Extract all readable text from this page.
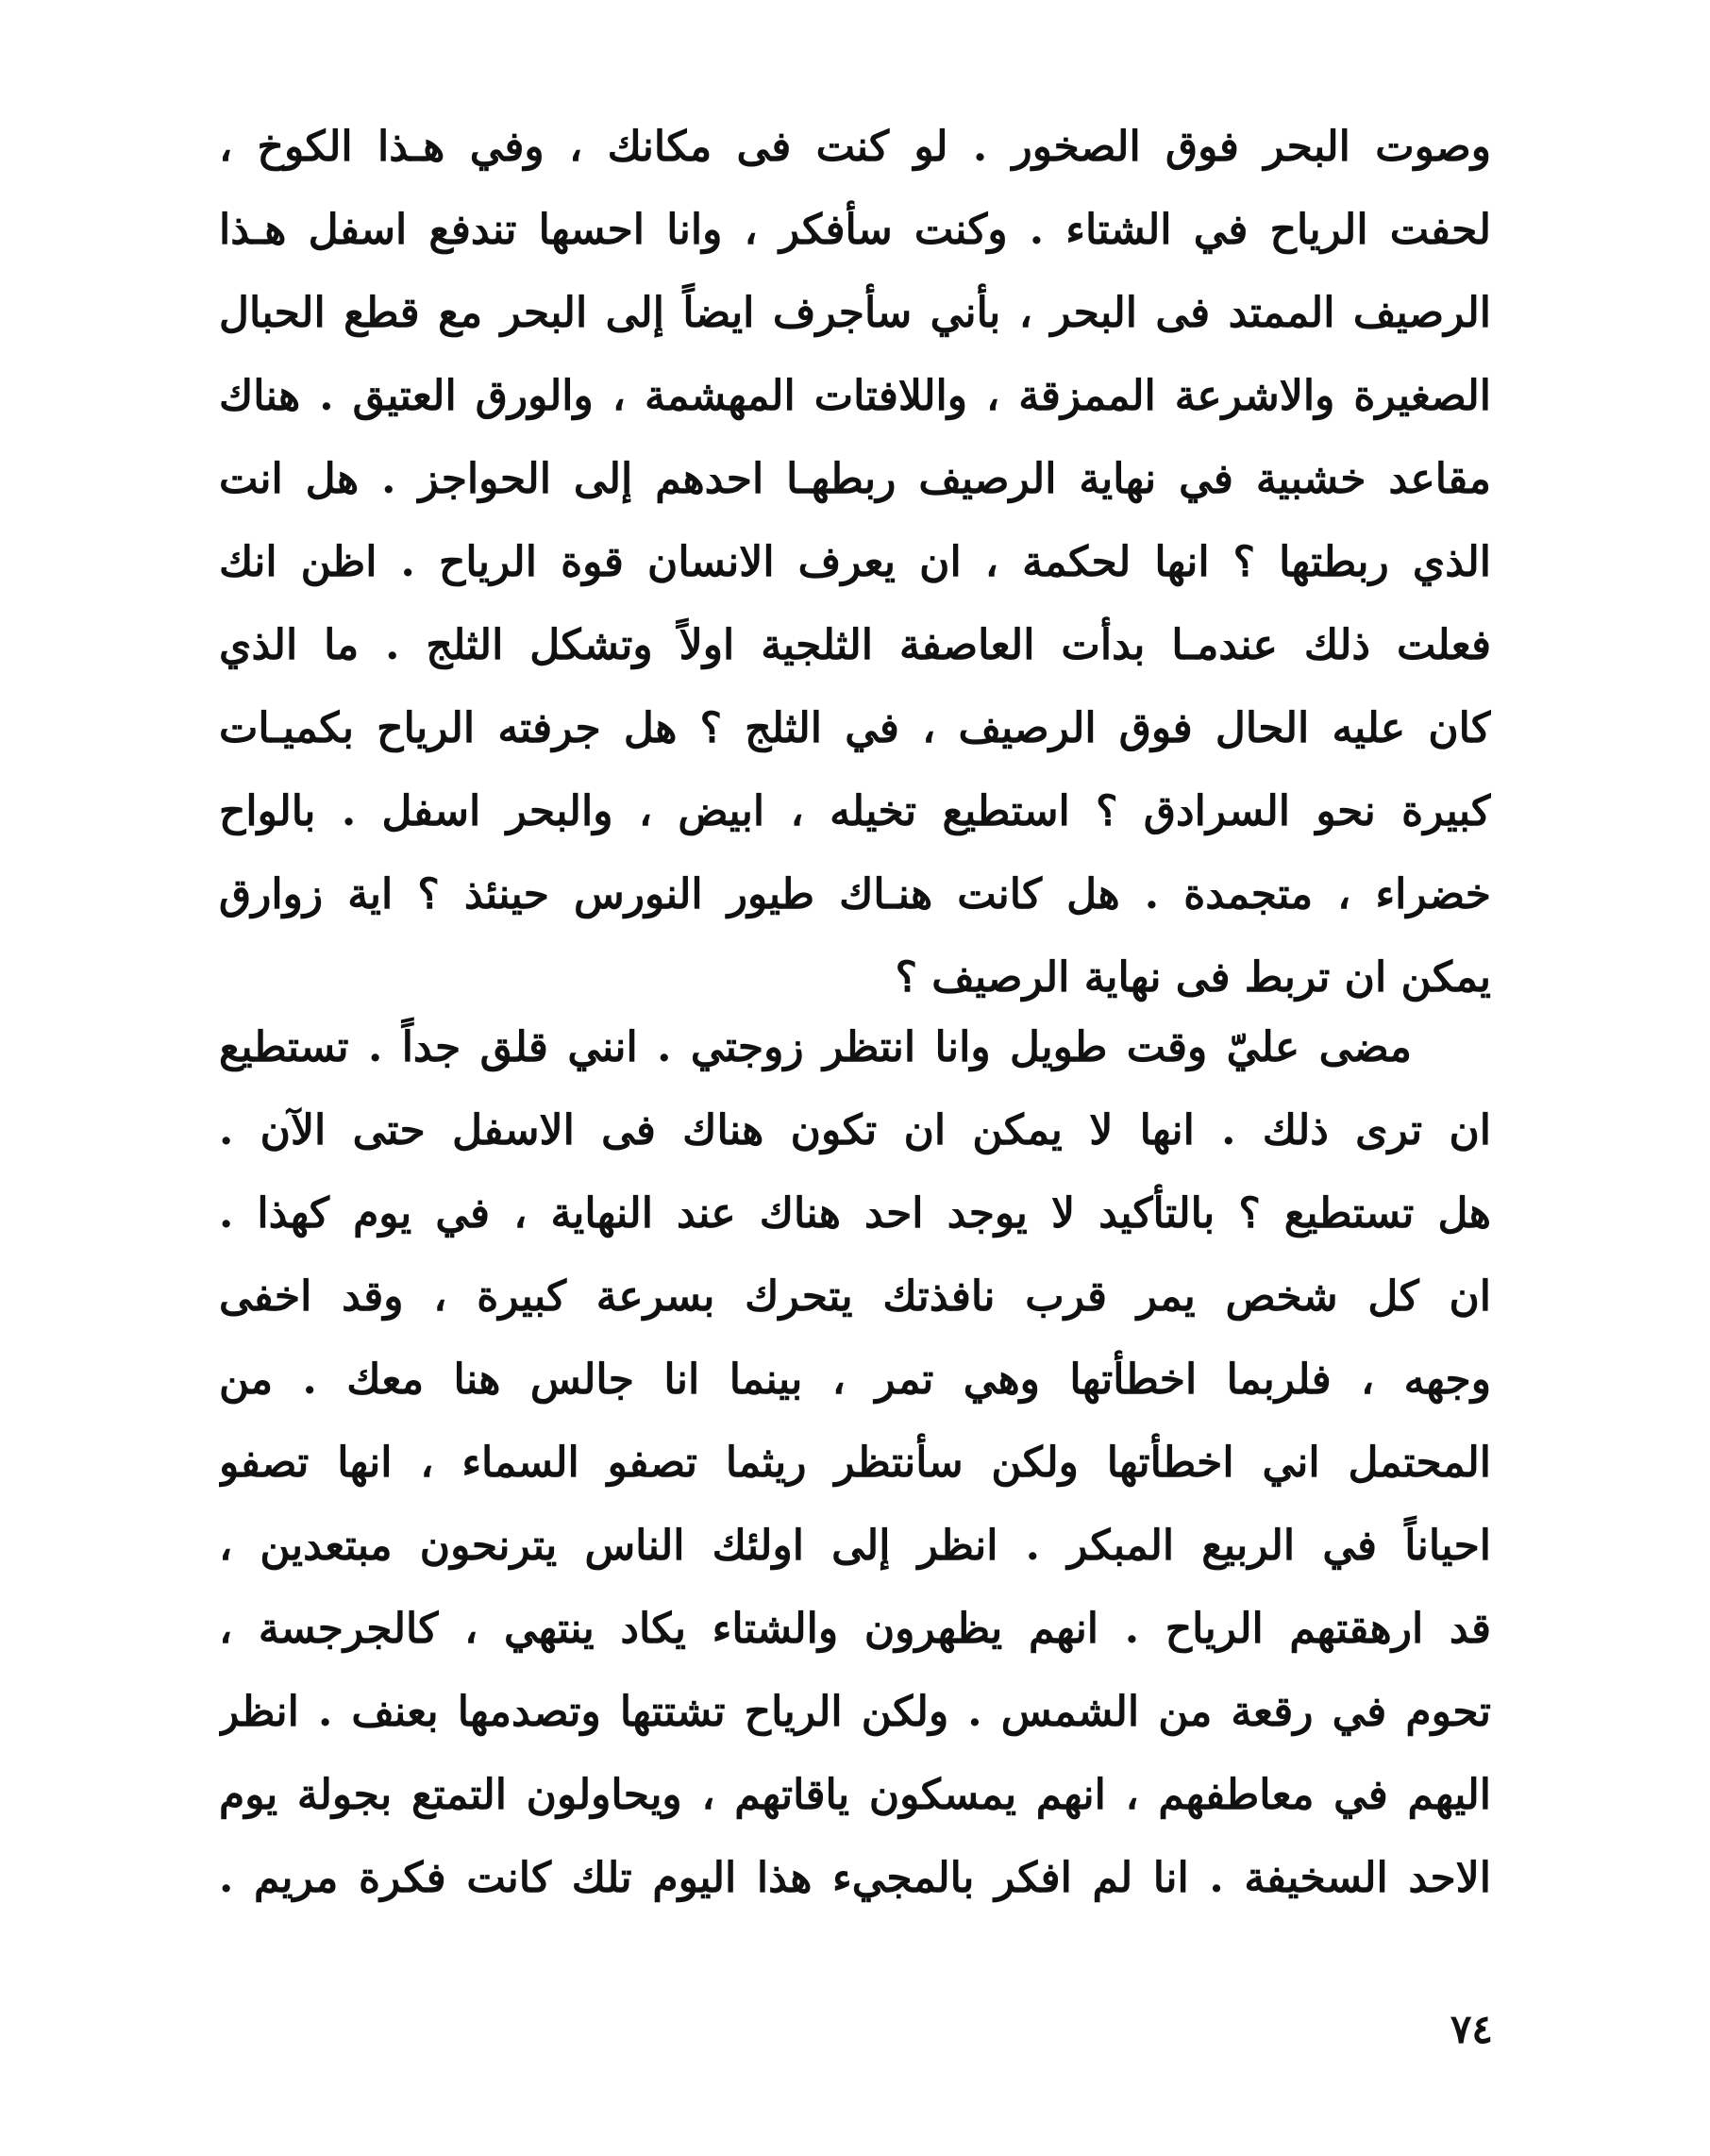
وصوت البحر فوق الصخور . لو كنت فى مكانك ، وفي هـذا الكوخ ،
لحفت الرياح في الشتاء . وكنت سأفكر ، وانا احسها تندفع اسفل هـذا
الرصيف الممتد فى البحر ، بأني سأجرف ايضاً إلى البحر مع قطع الحبال
الصغيرة والاشرعة الممزقة ، واللافتات المهشمة ، والورق العتيق . هناك
مقاعد خشبية في نهاية الرصيف ربطهـا احدهم إلى الحواجز . هل انت
الذي ربطتها ؟ انها لحكمة ، ان يعرف الانسان قوة الرياح . اظن انك
فعلت ذلك عندمـا بدأت العاصفة الثلجية اولاً وتشكل الثلج . ما الذي
كان عليه الحال فوق الرصيف ، في الثلج ؟ هل جرفته الرياح بكميـات
كبيرة نحو السرادق ؟ استطيع تخيله ، ابيض ، والبحر اسفل . بالواح
خضراء ، متجمدة . هل كانت هنـاك طيور النورس حينئذ ؟ اية زوارق
يمكن ان تربط فى نهاية الرصيف ؟
مضى عليّ وقت طويل وانا انتظر زوجتي . انني قلق جداً . تستطيع
ان ترى ذلك . انها لا يمكن ان تكون هناك فى الاسفل حتى الآن .
هل تستطيع ؟ بالتأكيد لا يوجد احد هناك عند النهاية ، في يوم كهذا .
ان كل شخص يمر قرب نافذتك يتحرك بسرعة كبيرة ، وقد اخفى
وجهه ، فلربما اخطأتها وهي تمر ، بينما انا جالس هنا معك . من
المحتمل اني اخطأتها ولكن سأنتظر ريثما تصفو السماء ، انها تصفو
احياناً في الربيع المبكر . انظر إلى اولئك الناس يترنحون مبتعدين ،
قد ارهقتهم الرياح . انهم يظهرون والشتاء يكاد ينتهي ، كالجرجسة ،
تحوم في رقعة من الشمس . ولكن الرياح تشتتها وتصدمها بعنف . انظر
اليهم في معاطفهم ، انهم يمسكون ياقاتهم ، ويحاولون التمتع بجولة يوم
الاحد السخيفة . انا لم افكر بالمجيء هذا اليوم تلك كانت فكرة مريم .
٧٤
